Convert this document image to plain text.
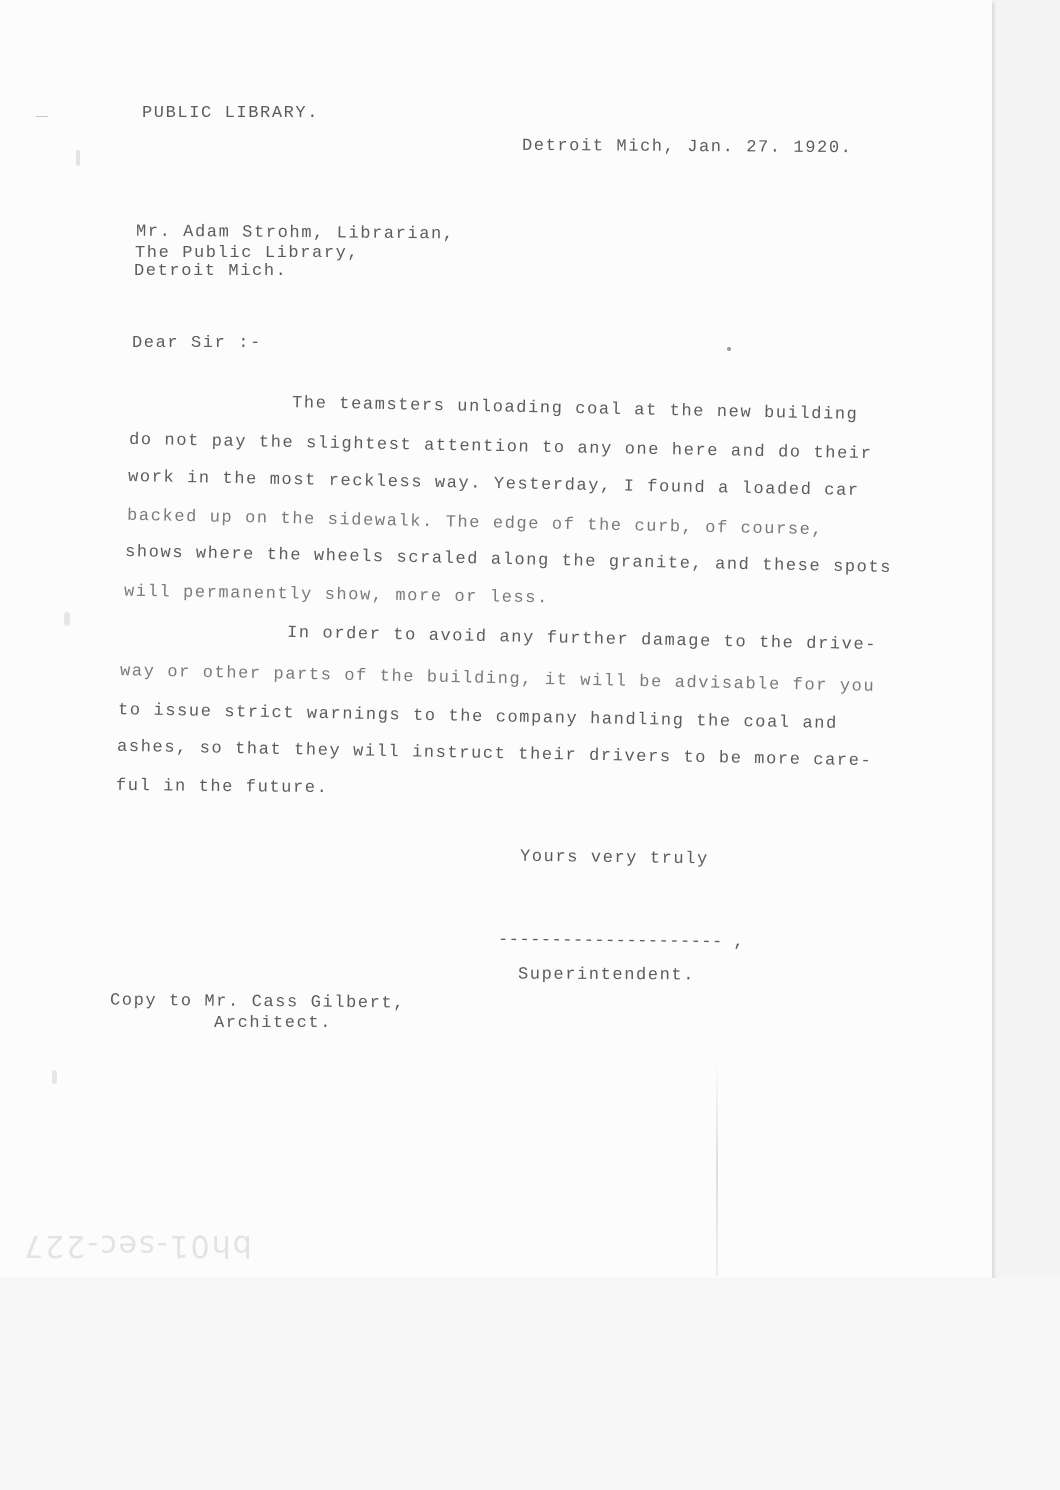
PUBLIC LIBRARY.

Detroit Mich, Jan. 27. 1920.

Mr. Adam Strohm, Librarian,

The Public Library,

Detroit Mich.

Dear Sir :-

The teamsters unloading coal at the new building

do not pay the slightest attention to any one here and do their

work in the most reckless way. Yesterday, I found a loaded car

backed up on the sidewalk. The edge of the curb, of course,

shows where the wheels scraled along the granite, and these spots

will permanently show, more or less.

In order to avoid any further damage to the drive-

way or other parts of the building, it will be advisable for you

to issue strict warnings to the company handling the coal and

ashes, so that they will instruct their drivers to be more care-

ful in the future.

Yours very truly

--------------------- ,

Superintendent.

Copy to Mr. Cass Gilbert,

Architect.

bh01-sec-227
